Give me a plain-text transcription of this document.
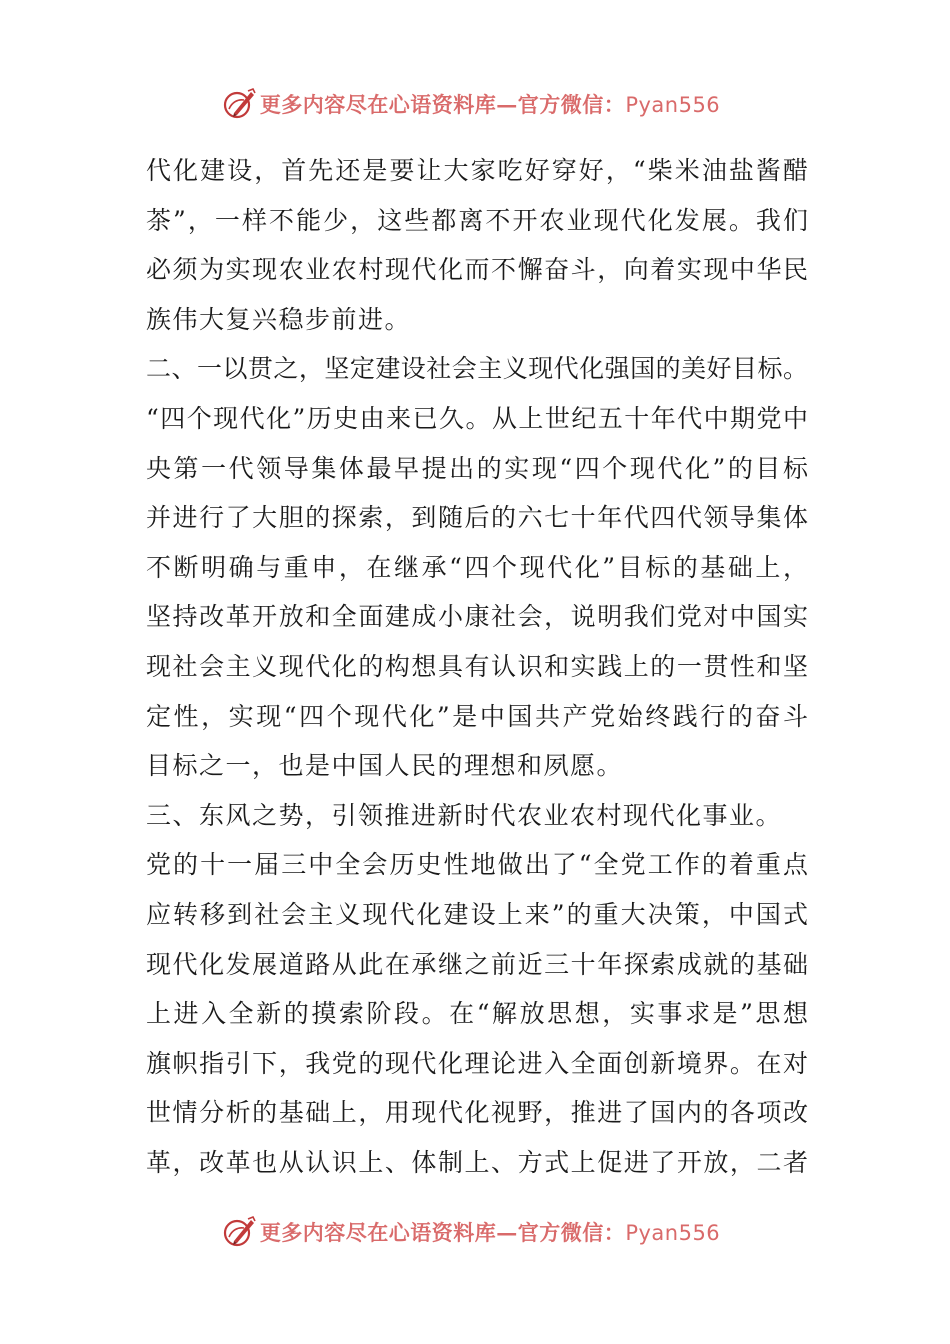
更多内容尽在心语资料库—官方微信：Pyan556
代化建设，首先还是要让大家吃好穿好，“柴米油盐酱醋
茶”，一样不能少，这些都离不开农业现代化发展。我们
必须为实现农业农村现代化而不懈奋斗，向着实现中华民
族伟大复兴稳步前进。
二、一以贯之，坚定建设社会主义现代化强国的美好目标。
“四个现代化”历史由来已久。从上世纪五十年代中期党中
央第一代领导集体最早提出的实现“四个现代化”的目标
并进行了大胆的探索，到随后的六七十年代四代领导集体
不断明确与重申，在继承“四个现代化”目标的基础上，
坚持改革开放和全面建成小康社会，说明我们党对中国实
现社会主义现代化的构想具有认识和实践上的一贯性和坚
定性，实现“四个现代化”是中国共产党始终践行的奋斗
目标之一，也是中国人民的理想和夙愿。
三、东风之势，引领推进新时代农业农村现代化事业。
党的十一届三中全会历史性地做出了“全党工作的着重点
应转移到社会主义现代化建设上来”的重大决策，中国式
现代化发展道路从此在承继之前近三十年探索成就的基础
上进入全新的摸索阶段。在“解放思想，实事求是”思想
旗帜指引下，我党的现代化理论进入全面创新境界。在对
世情分析的基础上，用现代化视野，推进了国内的各项改
革，改革也从认识上、体制上、方式上促进了开放，二者
更多内容尽在心语资料库—官方微信：Pyan556
